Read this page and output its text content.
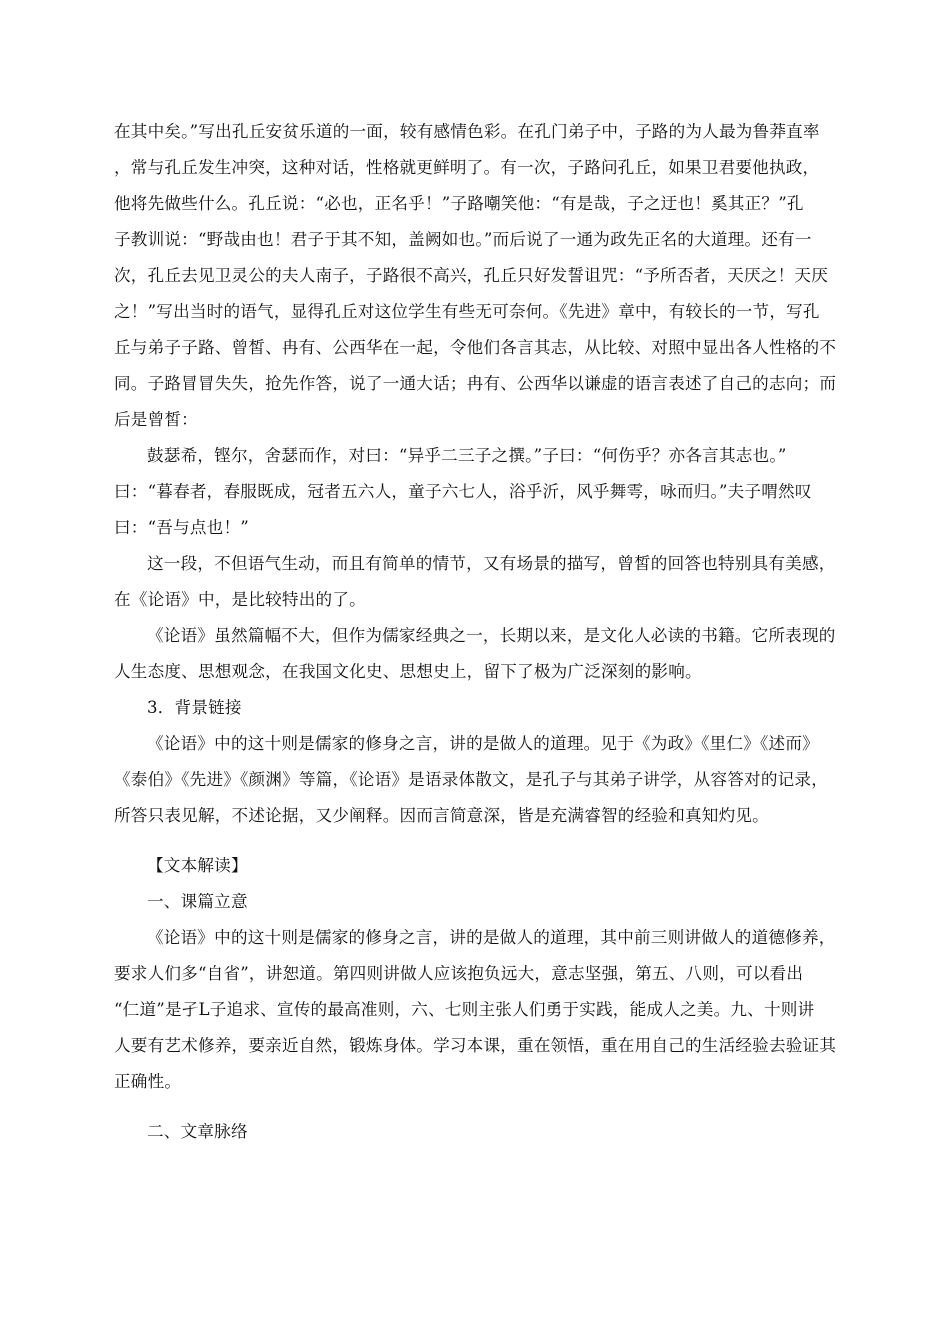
在其中矣。”写出孔丘安贫乐道的一面，较有感情色彩。在孔门弟子中，子路的为人最为鲁莽直率
，常与孔丘发生冲突，这种对话，性格就更鲜明了。有一次，子路问孔丘，如果卫君要他执政，
他将先做些什么。孔丘说：“必也，正名乎！”子路嘲笑他：“有是哉，子之迂也！奚其正？”孔
子教训说：“野哉由也！君子于其不知，盖阙如也。”而后说了一通为政先正名的大道理。还有一
次，孔丘去见卫灵公的夫人南子，子路很不高兴，孔丘只好发誓诅咒：“予所否者，天厌之！天厌
之！”写出当时的语气，显得孔丘对这位学生有些无可奈何。《先进》章中，有较长的一节，写孔
丘与弟子子路、曾皙、冉有、公西华在一起，令他们各言其志，从比较、对照中显出各人性格的不
同。子路冒冒失失，抢先作答，说了一通大话；冉有、公西华以谦虚的语言表述了自己的志向；而
后是曾皙：
鼓瑟希，铿尔，舍瑟而作，对曰：“异乎二三子之撰。”子曰：“何伤乎？亦各言其志也。”
曰：“暮春者，春服既成，冠者五六人，童子六七人，浴乎沂，风乎舞雩，咏而归。”夫子喟然叹
曰：“吾与点也！”
这一段，不但语气生动，而且有简单的情节，又有场景的描写，曾皙的回答也特别具有美感，
在《论语》中，是比较特出的了。
《论语》虽然篇幅不大，但作为儒家经典之一，长期以来，是文化人必读的书籍。它所表现的
人生态度、思想观念，在我国文化史、思想史上，留下了极为广泛深刻的影响。
3．背景链接
《论语》中的这十则是儒家的修身之言，讲的是做人的道理。见于《为政》《里仁》《述而》
《泰伯》《先进》《颜渊》等篇，《论语》是语录体散文，是孔子与其弟子讲学，从容答对的记录，
所答只表见解，不述论据，又少阐释。因而言简意深，皆是充满睿智的经验和真知灼见。
【文本解读】
一、课篇立意
《论语》中的这十则是儒家的修身之言，讲的是做人的道理，其中前三则讲做人的道德修养，
要求人们多“自省”，讲恕道。第四则讲做人应该抱负远大，意志坚强，第五、八则，可以看出
“仁道”是孑L子追求、宣传的最高准则，六、七则主张人们勇于实践，能成人之美。九、十则讲
人要有艺术修养，要亲近自然，锻炼身体。学习本课，重在领悟，重在用自己的生活经验去验证其
正确性。
二、文章脉络
